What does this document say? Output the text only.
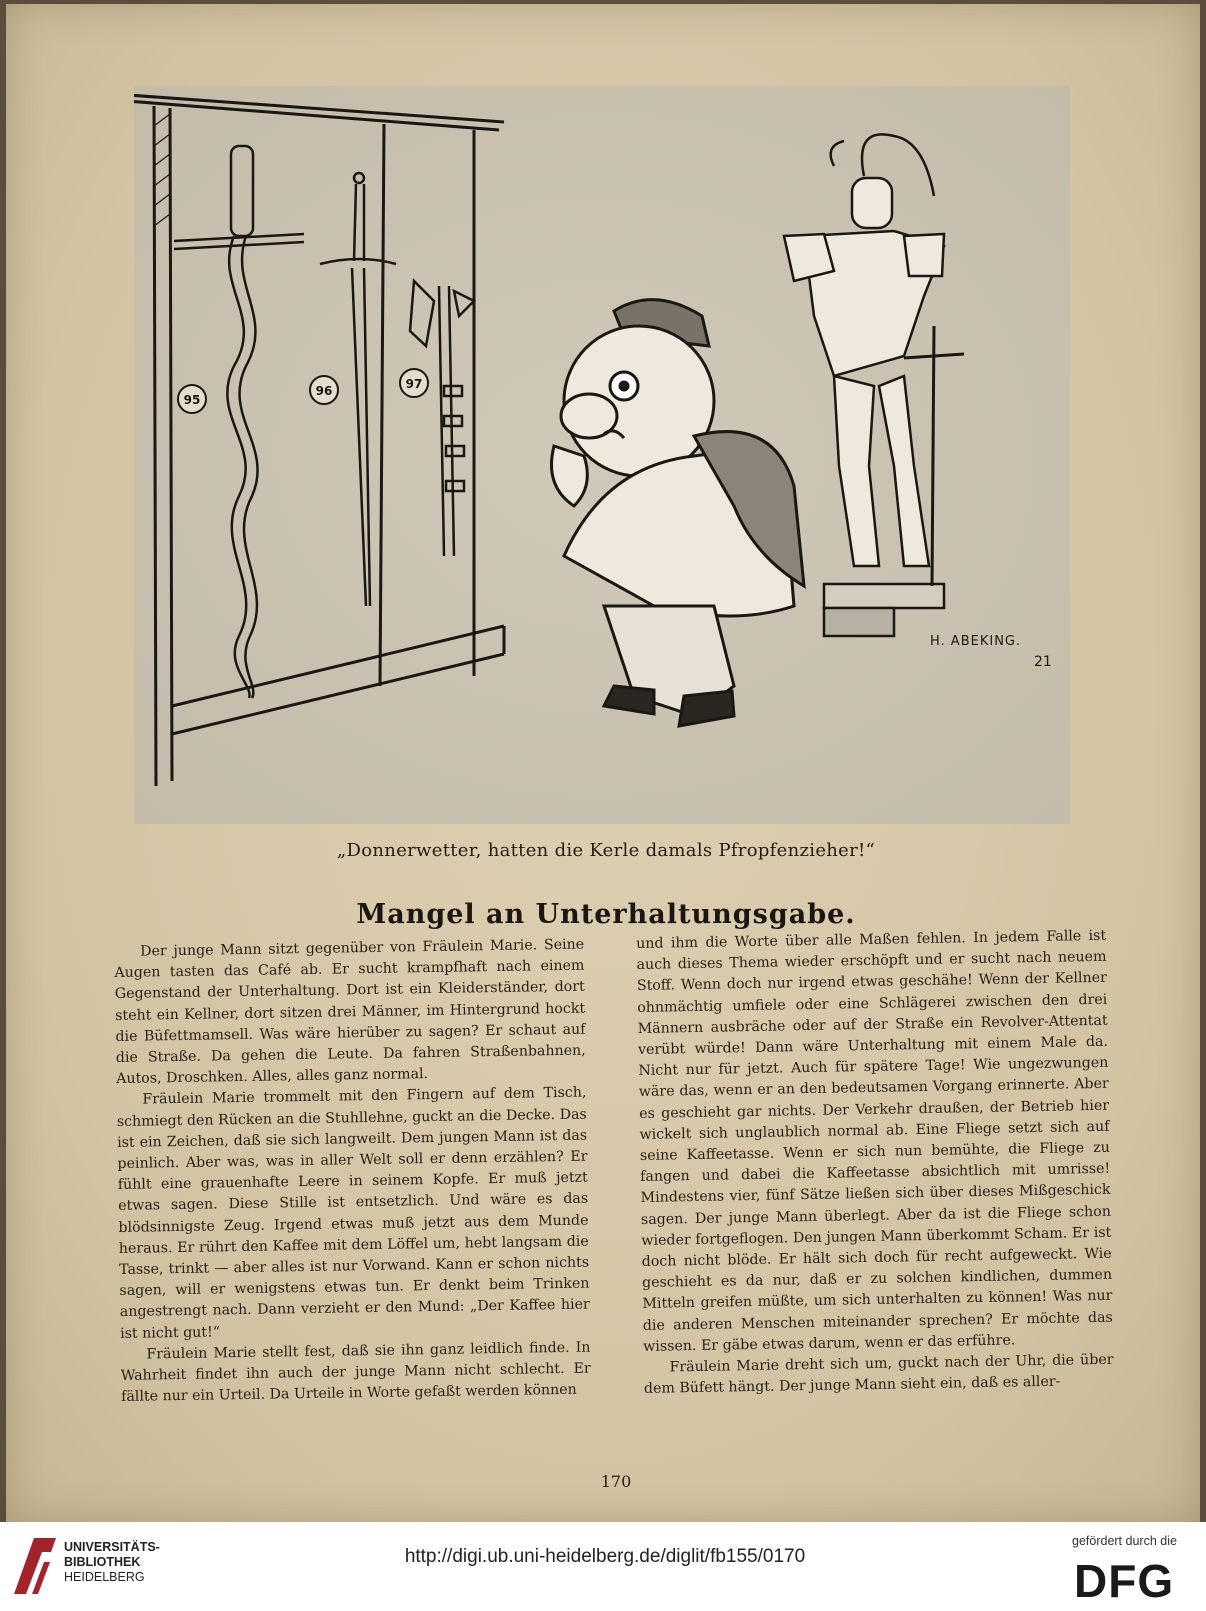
95
96	97
H. ABEKING.
21
„Donnerwetter, hatten die Kerle damals Pfropfenzieher!“
Mangel an Unterhaltungsgabe.

Der junge Mann sitzt gegenüber von Fräulein Marie. Seine Augen tasten das Café ab. Er sucht krampfhaft nach einem Gegenstand der Unterhaltung. Dort ist ein Kleiderständer, dort steht ein Kellner, dort sitzen drei Männer, im Hintergrund hockt die Büfettmamsell. Was wäre hierüber zu sagen? Er schaut auf die Straße. Da gehen die Leute. Da fahren Straßenbahnen, Autos, Droschken. Alles, alles ganz normal.

Fräulein Marie trommelt mit den Fingern auf dem Tisch, schmiegt den Rücken an die Stuhllehne, guckt an die Decke. Das ist ein Zeichen, daß sie sich langweilt. Dem jungen Mann ist das peinlich. Aber was, was in aller Welt soll er denn erzählen? Er fühlt eine grauenhafte Leere in seinem Kopfe. Er muß jetzt etwas sagen. Diese Stille ist entsetzlich. Und wäre es das blödsinnigste Zeug. Irgend etwas muß jetzt aus dem Munde heraus. Er rührt den Kaffee mit dem Löffel um, hebt langsam die Tasse, trinkt — aber alles ist nur Vorwand. Kann er schon nichts sagen, will er wenigstens etwas tun. Er denkt beim Trinken angestrengt nach. Dann verzieht er den Mund: „Der Kaffee hier ist nicht gut!“

Fräulein Marie stellt fest, daß sie ihn ganz leidlich finde. In Wahrheit findet ihn auch der junge Mann nicht schlecht. Er fällte nur ein Urteil. Da Urteile in Worte gefaßt werden können

und ihm die Worte über alle Maßen fehlen. In jedem Falle ist auch dieses Thema wieder erschöpft und er sucht nach neuem Stoff. Wenn doch nur irgend etwas geschähe! Wenn der Kellner ohnmächtig umfiele oder eine Schlägerei zwischen den drei Männern ausbräche oder auf der Straße ein Revolver-Attentat verübt würde! Dann wäre Unterhaltung mit einem Male da. Nicht nur für jetzt. Auch für spätere Tage! Wie ungezwungen wäre das, wenn er an den bedeutsamen Vorgang erinnerte. Aber es geschieht gar nichts. Der Verkehr draußen, der Betrieb hier wickelt sich unglaublich normal ab. Eine Fliege setzt sich auf seine Kaffeetasse. Wenn er sich nun bemühte, die Fliege zu fangen und dabei die Kaffeetasse absichtlich mit umrisse! Mindestens vier, fünf Sätze ließen sich über dieses Mißgeschick sagen. Der junge Mann überlegt. Aber da ist die Fliege schon wieder fortgeflogen. Den jungen Mann überkommt Scham. Er ist doch nicht blöde. Er hält sich doch für recht aufgeweckt. Wie geschieht es da nur, daß er zu solchen kindlichen, dummen Mitteln greifen müßte, um sich unterhalten zu können! Was nur die anderen Menschen miteinander sprechen? Er möchte das wissen. Er gäbe etwas darum, wenn er das erführe.

Fräulein Marie dreht sich um, guckt nach der Uhr, die über dem Büfett hängt. Der junge Mann sieht ein, daß es aller-

170
UNIVERSITÄTS-
BIBLIOTHEK
HEIDELBERG
http://digi.ub.uni-heidelberg.de/diglit/fb155/0170
gefördert durch die
DFG
